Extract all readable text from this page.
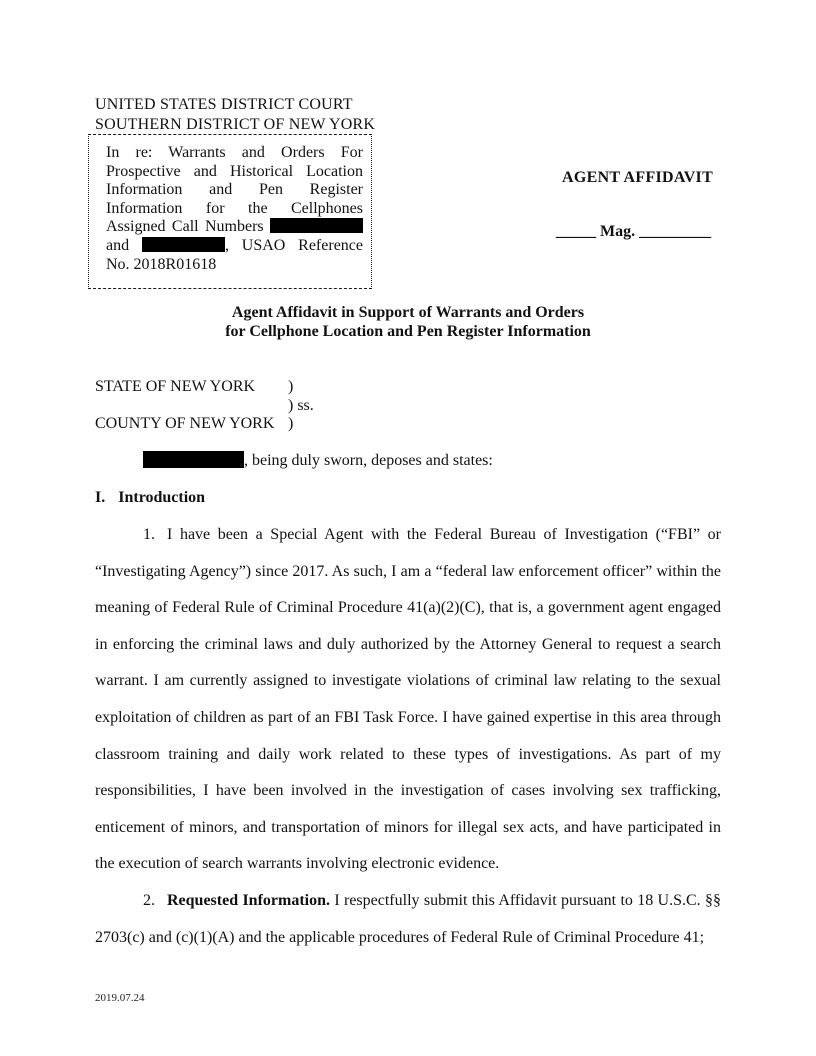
UNITED STATES DISTRICT COURT
SOUTHERN DISTRICT OF NEW YORK

In re: Warrants and Orders For Prospective and Historical Location Information and Pen Register Information for the Cellphones Assigned Call Numbers  and	, USAO Reference No. 2018R01618

AGENT AFFIDAVIT
_____ Mag. _________
Agent Affidavit in Support of Warrants and Orders
for Cellphone Location and Pen Register Information
STATE OF NEW YORK )
) ss.
COUNTY OF NEW YORK )
, being duly sworn, deposes and states:
I. Introduction

1. I have been a Special Agent with the Federal Bureau of Investigation (“FBI” or “Investigating Agency”) since 2017. As such, I am a “federal law enforcement officer” within the meaning of Federal Rule of Criminal Procedure 41(a)(2)(C), that is, a government agent engaged in enforcing the criminal laws and duly authorized by the Attorney General to request a search warrant. I am currently assigned to investigate violations of criminal law relating to the sexual exploitation of children as part of an FBI Task Force. I have gained expertise in this area through classroom training and daily work related to these types of investigations. As part of my responsibilities, I have been involved in the investigation of cases involving sex trafficking, enticement of minors, and transportation of minors for illegal sex acts, and have participated in the execution of search warrants involving electronic evidence.

2. Requested Information. I respectfully submit this Affidavit pursuant to 18 U.S.C. §§ 2703(c) and (c)(1)(A) and the applicable procedures of Federal Rule of Criminal Procedure 41;

2019.07.24
